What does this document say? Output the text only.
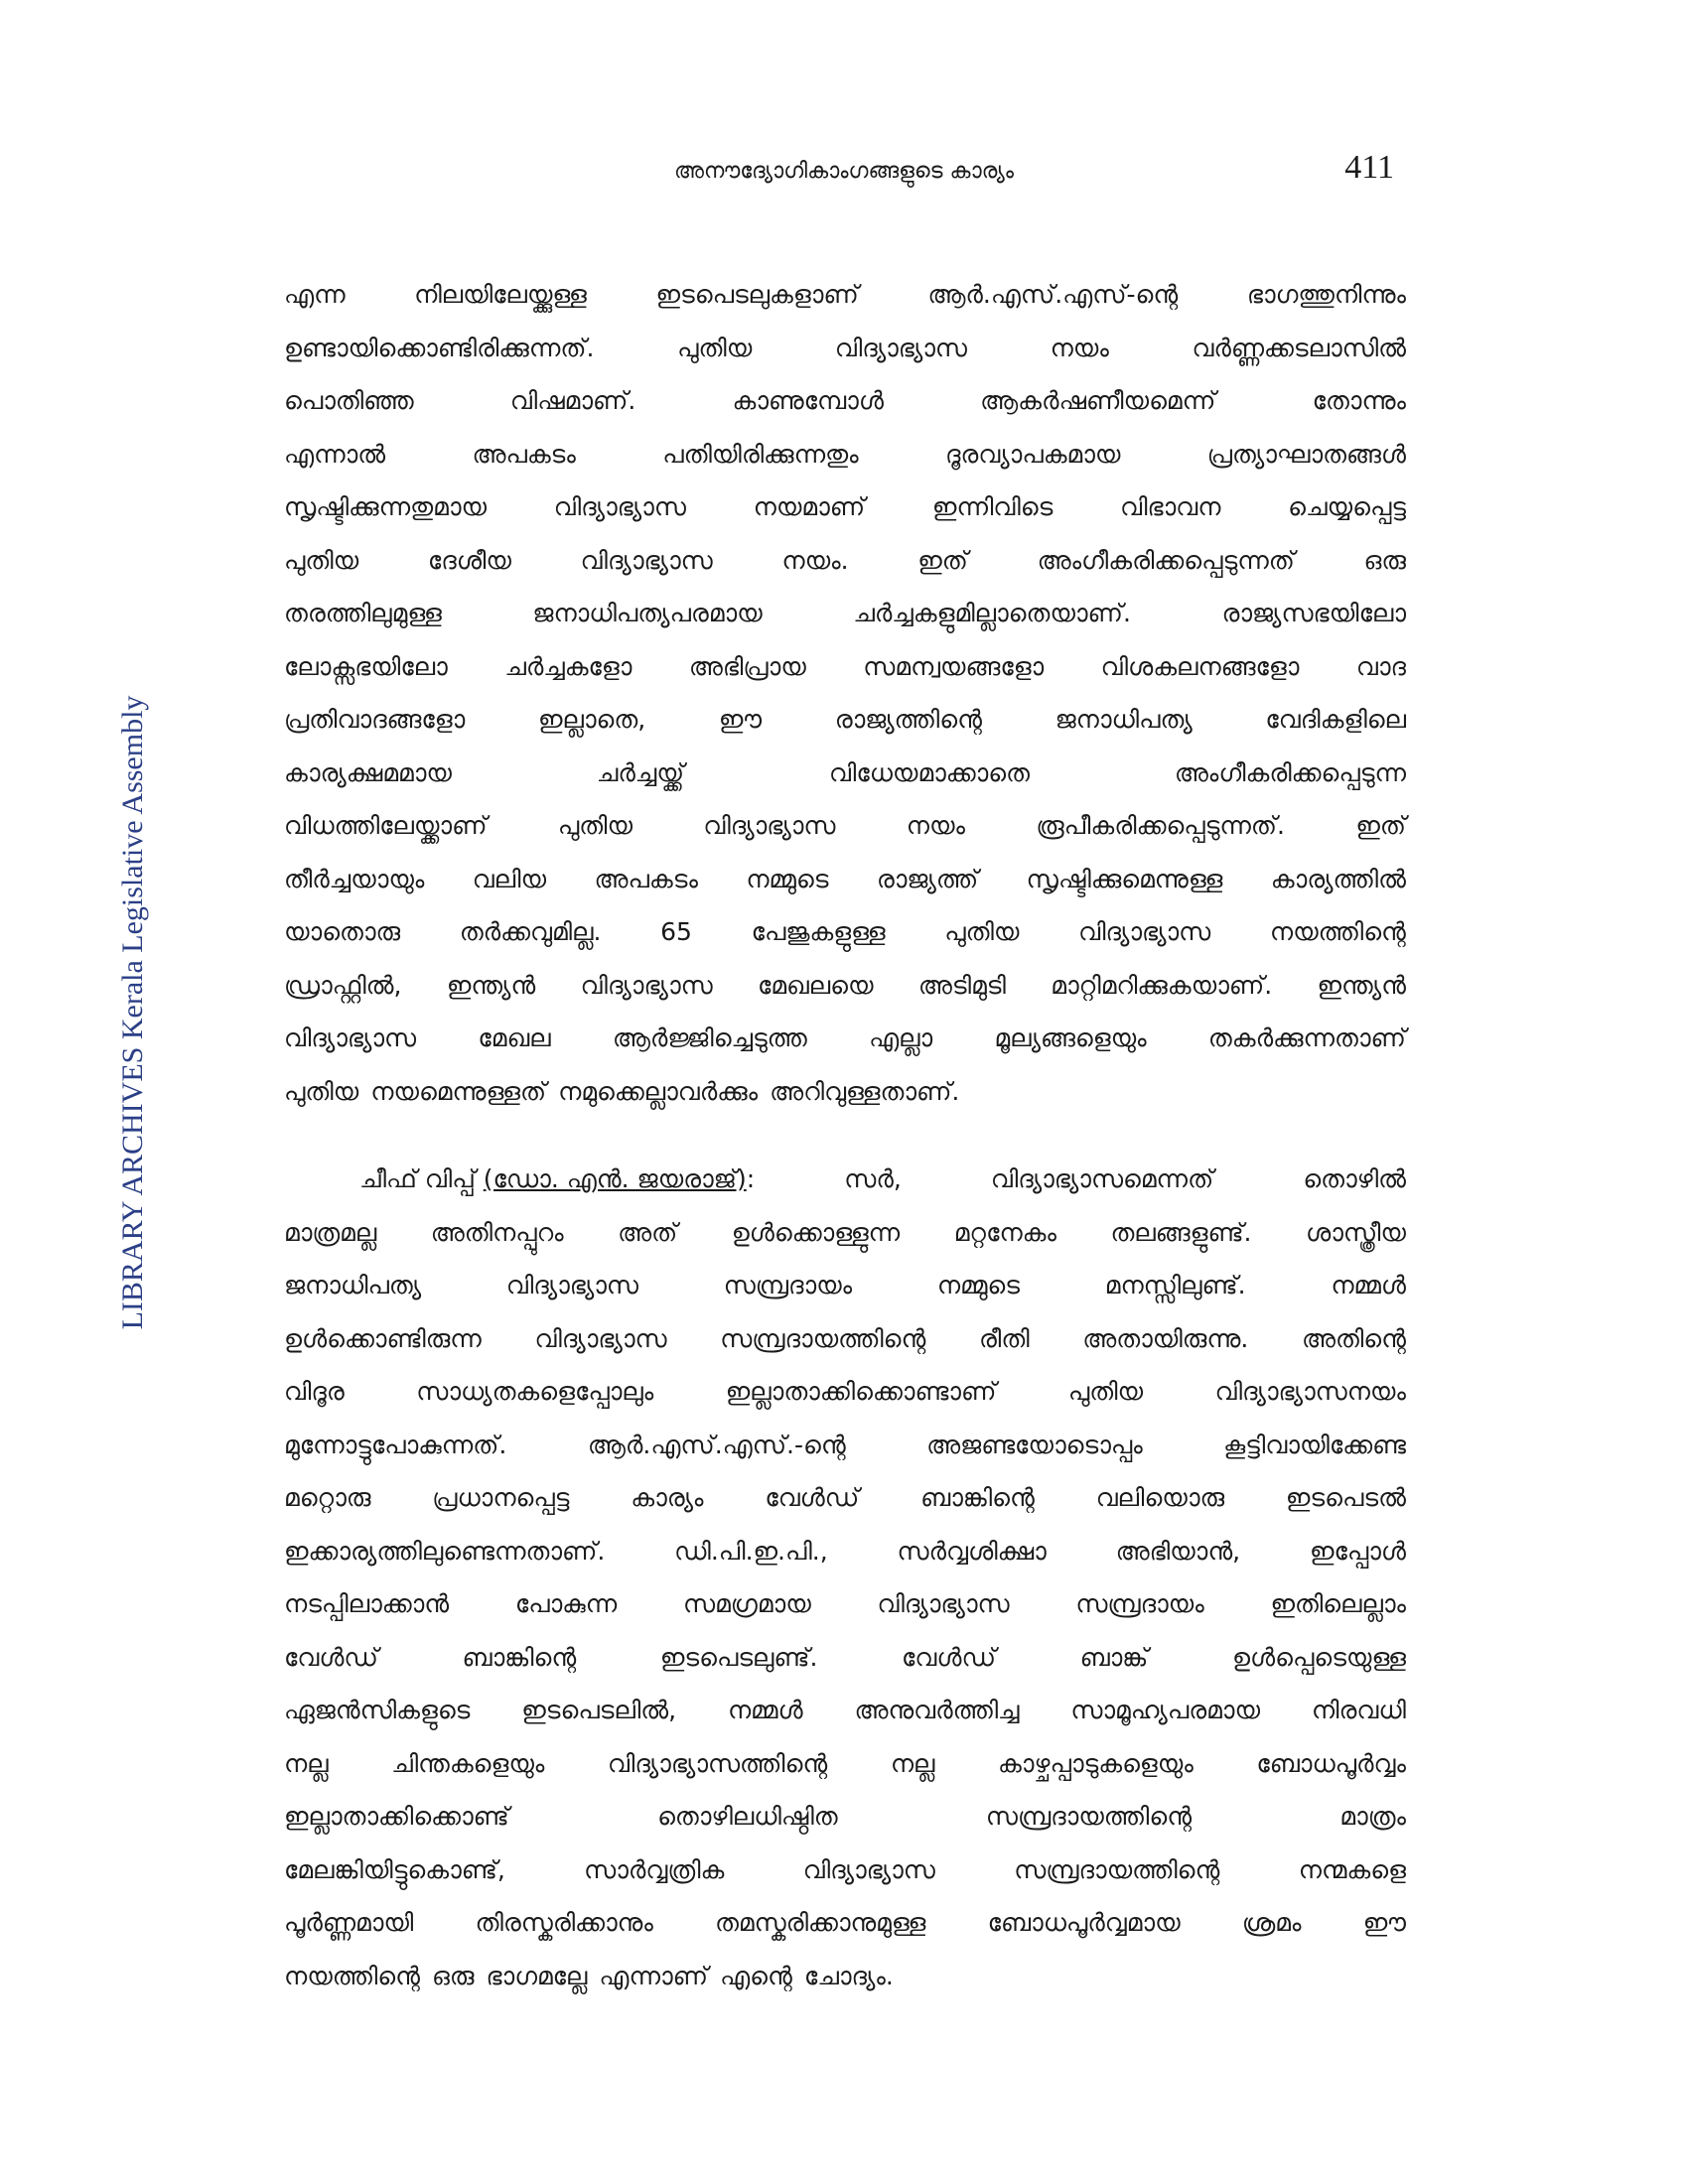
അനൗദ്യോഗികാംഗങ്ങളുടെ കാര്യം	411
LIBRARY ARCHIVES Kerala Legislative Assembly
എന്ന	നിലയിലേയ്ക്കുള്ള	ഇടപെടലുകളാണ്	ആർ.എസ്.എസ്-ന്റെ	ഭാഗത്തുനിന്നും
ഉണ്ടായിക്കൊണ്ടിരിക്കുന്നത്.	പുതിയ	വിദ്യാഭ്യാസ	നയം	വർണ്ണക്കടലാസിൽ
പൊതിഞ്ഞ	വിഷമാണ്.	കാണുമ്പോൾ	ആകർഷണീയമെന്ന്	തോന്നും
എന്നാൽ	അപകടം	പതിയിരിക്കുന്നതും	ദൂരവ്യാപകമായ	പ്രത്യാഘാതങ്ങൾ
സൃഷ്ടിക്കുന്നതുമായ	വിദ്യാഭ്യാസ	നയമാണ്	ഇന്നിവിടെ	വിഭാവന	ചെയ്യപ്പെട്ട
പുതിയ	ദേശീയ	വിദ്യാഭ്യാസ	നയം.	ഇത്	അംഗീകരിക്കപ്പെടുന്നത്	ഒരു
തരത്തിലുമുള്ള	ജനാധിപത്യപരമായ	ചർച്ചകളുമില്ലാതെയാണ്.	രാജ്യസഭയിലോ
ലോക്സഭയിലോ ചർച്ചകളോ അഭിപ്രായ സമന്വയങ്ങളോ വിശകലനങ്ങളോ വാദ
പ്രതിവാദങ്ങളോ	ഇല്ലാതെ,	ഈ	രാജ്യത്തിന്റെ	ജനാധിപത്യ	വേദികളിലെ
കാര്യക്ഷമമായ	ചർച്ചയ്ക്ക്	വിധേയമാക്കാതെ	അംഗീകരിക്കപ്പെടുന്ന
വിധത്തിലേയ്ക്കാണ്	പുതിയ	വിദ്യാഭ്യാസ	നയം	രൂപീകരിക്കപ്പെടുന്നത്.	ഇത്
തീർച്ചയായും വലിയ അപകടം നമ്മുടെ രാജ്യത്ത് സൃഷ്ടിക്കുമെന്നുള്ള കാര്യത്തിൽ
യാതൊരു തർക്കവുമില്ല. 65 പേജുകളുള്ള പുതിയ വിദ്യാഭ്യാസ നയത്തിന്റെ
ഡ്രാഫ്റ്റിൽ, ഇന്ത്യൻ വിദ്യാഭ്യാസ മേഖലയെ അടിമുടി മാറ്റിമറിക്കുകയാണ്. ഇന്ത്യൻ
വിദ്യാഭ്യാസ മേഖല ആർജ്ജിച്ചെടുത്ത എല്ലാ മൂല്യങ്ങളെയും തകർക്കുന്നതാണ്
പുതിയ നയമെന്നുള്ളത് നമുക്കെല്ലാവർക്കും അറിവുള്ളതാണ്.
ചീഫ് വിപ്പ് (ഡോ. എൻ. ജയരാജ്):	സർ,	വിദ്യാഭ്യാസമെന്നത്	തൊഴിൽ
മാത്രമല്ല അതിനപ്പുറം അത് ഉൾക്കൊള്ളുന്ന മറ്റനേകം തലങ്ങളുണ്ട്. ശാസ്ത്രീയ
ജനാധിപത്യ	വിദ്യാഭ്യാസ	സമ്പ്രദായം	നമ്മുടെ	മനസ്സിലുണ്ട്.	നമ്മൾ
ഉൾക്കൊണ്ടിരുന്ന വിദ്യാഭ്യാസ സമ്പ്രദായത്തിന്റെ രീതി അതായിരുന്നു. അതിന്റെ
വിദൂര	സാധ്യതകളെപ്പോലും	ഇല്ലാതാക്കിക്കൊണ്ടാണ്	പുതിയ	വിദ്യാഭ്യാസനയം
മുന്നോട്ടുപോകുന്നത്.	ആർ.എസ്.എസ്.-ന്റെ	അജണ്ടയോടൊപ്പം	കൂട്ടിവായിക്കേണ്ട
മറ്റൊരു പ്രധാനപ്പെട്ട കാര്യം വേൾഡ് ബാങ്കിന്റെ വലിയൊരു ഇടപെടൽ
ഇക്കാര്യത്തിലുണ്ടെന്നതാണ്.	ഡി.പി.ഇ.പി.,	സർവ്വശിക്ഷാ	അഭിയാൻ,	ഇപ്പോൾ
നടപ്പിലാക്കാൻ	പോകുന്ന	സമഗ്രമായ	വിദ്യാഭ്യാസ	സമ്പ്രദായം	ഇതിലെല്ലാം
വേൾഡ്	ബാങ്കിന്റെ	ഇടപെടലുണ്ട്.	വേൾഡ്	ബാങ്ക്	ഉൾപ്പെടെയുള്ള
ഏജൻസികളുടെ ഇടപെടലിൽ, നമ്മൾ അനുവർത്തിച്ച സാമൂഹ്യപരമായ നിരവധി
നല്ല	ചിന്തകളെയും	വിദ്യാഭ്യാസത്തിന്റെ	നല്ല	കാഴ്ചപ്പാടുകളെയും	ബോധപൂർവ്വം
ഇല്ലാതാക്കിക്കൊണ്ട്	തൊഴിലധിഷ്ഠിത	സമ്പ്രദായത്തിന്റെ	മാത്രം
മേലങ്കിയിട്ടുകൊണ്ട്,	സാർവ്വത്രിക	വിദ്യാഭ്യാസ	സമ്പ്രദായത്തിന്റെ	നന്മകളെ
പൂർണ്ണമായി തിരസ്കരിക്കാനും തമസ്കരിക്കാനുമുള്ള ബോധപൂർവ്വമായ ശ്രമം ഈ
നയത്തിന്റെ ഒരു ഭാഗമല്ലേ എന്നാണ് എന്റെ ചോദ്യം.
